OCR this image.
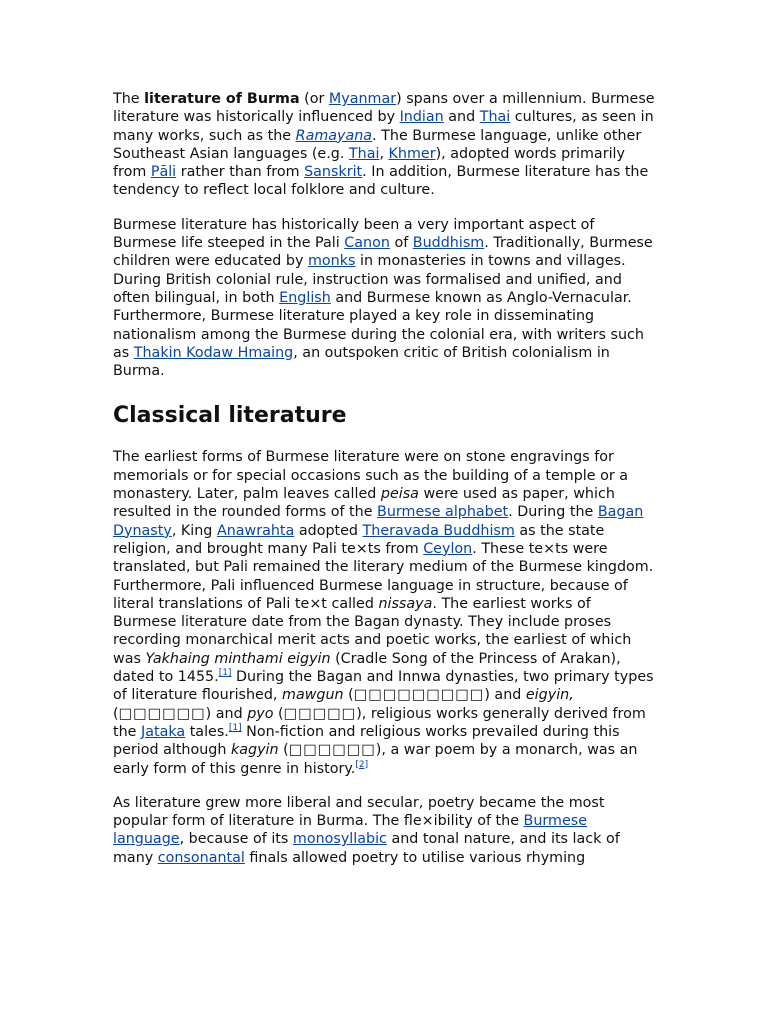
The literature of Burma (or Myanmar) spans over a millennium. Burmese literature was historically influenced by Indian and Thai cultures, as seen in many works, such as the Ramayana. The Burmese language, unlike other Southeast Asian languages (e.g. Thai, Khmer), adopted words primarily from Pāli rather than from Sanskrit. In addition, Burmese literature has the tendency to reflect local folklore and culture.

Burmese literature has historically been a very important aspect of Burmese life steeped in the Pali Canon of Buddhism. Traditionally, Burmese children were educated by monks in monasteries in towns and villages. During British colonial rule, instruction was formalised and unified, and often bilingual, in both English and Burmese known as Anglo-Vernacular. Furthermore, Burmese literature played a key role in disseminating nationalism among the Burmese during the colonial era, with writers such as Thakin Kodaw Hmaing, an outspoken critic of British colonialism in Burma.

Classical literature

The earliest forms of Burmese literature were on stone engravings for memorials or for special occasions such as the building of a temple or a monastery. Later, palm leaves called peisa were used as paper, which resulted in the rounded forms of the Burmese alphabet. During the Bagan Dynasty, King Anawrahta adopted Theravada Buddhism as the state religion, and brought many Pali te×ts from Ceylon. These te×ts were translated, but Pali remained the literary medium of the Burmese kingdom. Furthermore, Pali influenced Burmese language in structure, because of literal translations of Pali te×t called nissaya. The earliest works of Burmese literature date from the Bagan dynasty. They include proses recording monarchical merit acts and poetic works, the earliest of which was Yakhaing minthami eigyin (Cradle Song of the Princess of Arakan), dated to 1455.[1] During the Bagan and Innwa dynasties, two primary types of literature flourished, mawgun (□□□□□□□□□) and eigyin, (□□□□□□) and pyo (□□□□□), religious works generally derived from the Jataka tales.[1] Non-fiction and religious works prevailed during this period although kagyin (□□□□□□), a war poem by a monarch, was an early form of this genre in history.[2]

As literature grew more liberal and secular, poetry became the most popular form of literature in Burma. The fle×ibility of the Burmese language, because of its monosyllabic and tonal nature, and its lack of many consonantal finals allowed poetry to utilise various rhyming
